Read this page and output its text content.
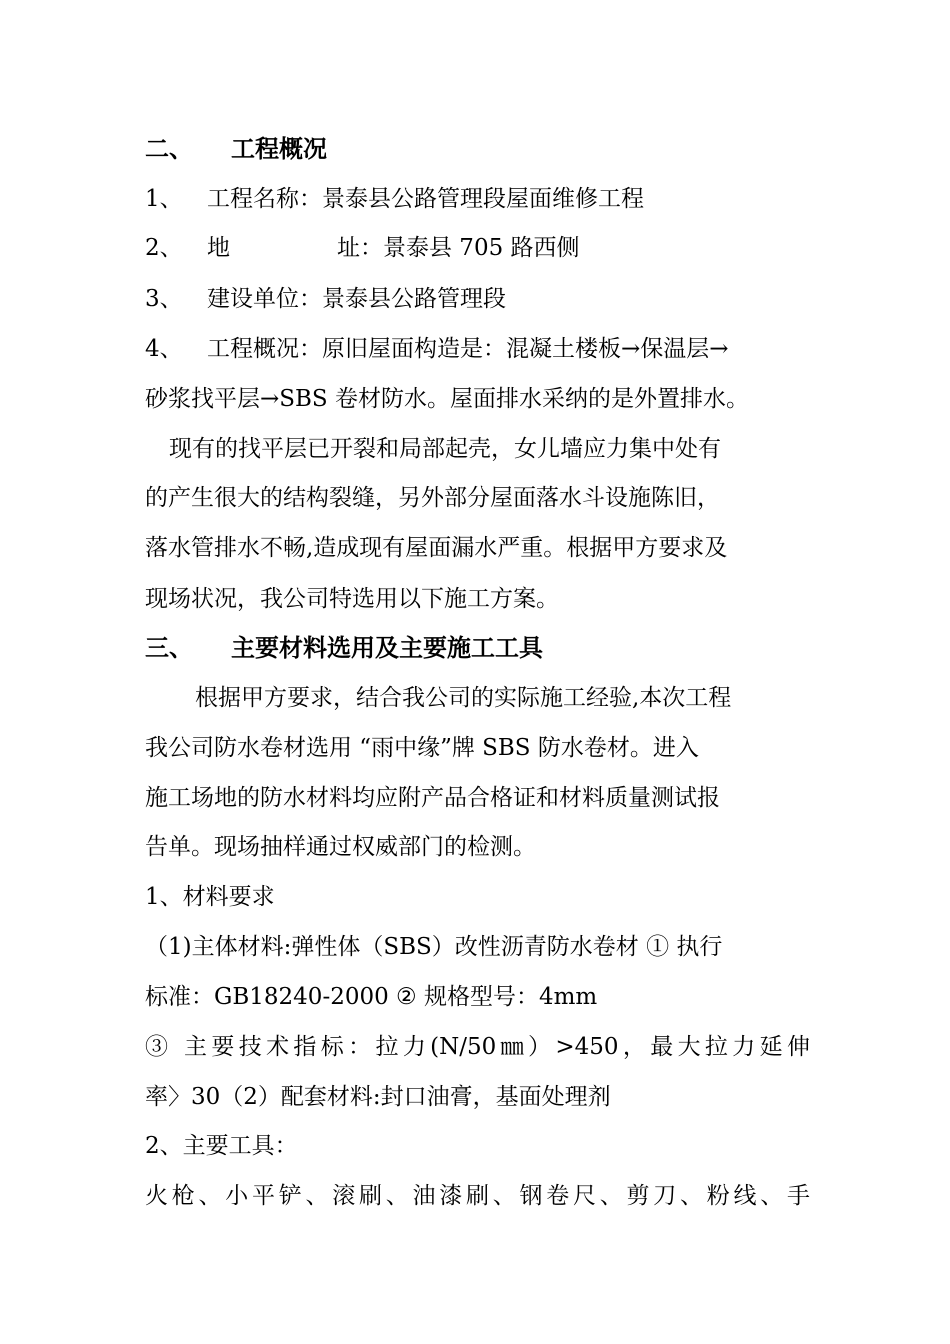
二、 工程概况
1、 工程名称：景泰县公路管理段屋面维修工程
2、 地	址：景泰县 705 路西侧
3、 建设单位：景泰县公路管理段
4、 工程概况：原旧屋面构造是：混凝土楼板→保温层→
砂浆找平层→SBS 卷材防水。屋面排水采纳的是外置排水。
现有的找平层已开裂和局部起壳，女儿墙应力集中处有
的产生很大的结构裂缝，另外部分屋面落水斗设施陈旧，
落水管排水不畅,造成现有屋面漏水严重。根据甲方要求及
现场状况，我公司特选用以下施工方案。
三、 主要材料选用及主要施工工具
根据甲方要求，结合我公司的实际施工经验,本次工程
我公司防水卷材选用 “雨中缘”牌 SBS 防水卷材。进入
施工场地的防水材料均应附产品合格证和材料质量测试报
告单。现场抽样通过权威部门的检测。
1、材料要求
（1)主体材料:弹性体（SBS）改性沥青防水卷材 ① 执行
标准：GB18240-2000 ② 规格型号：4mm
③ 主要技术指标：拉力(N/50㎜）>450，最大拉力延伸
率〉30（2）配套材料:封口油膏，基面处理剂
2、主要工具：
火枪、小平铲、滚刷、油漆刷、钢卷尺、剪刀、粉线、手
